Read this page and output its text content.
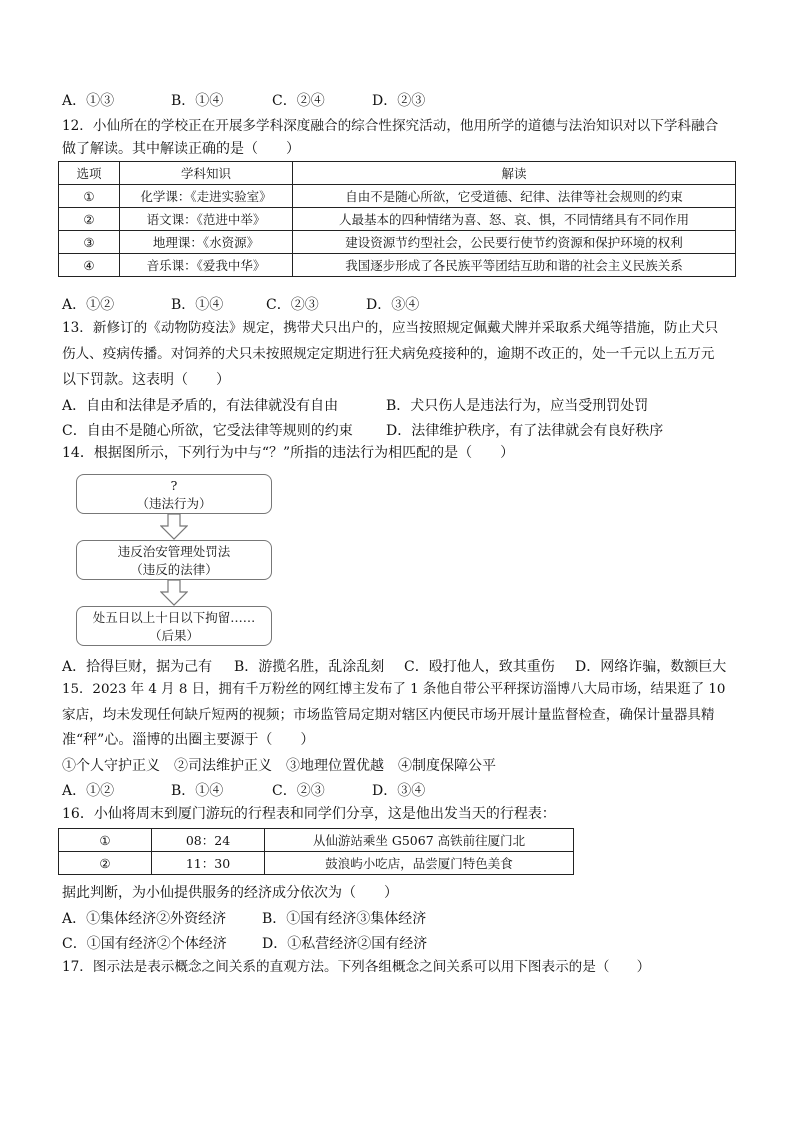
A．①③	B．①④	C．②④	D．②③
12．小仙所在的学校正在开展多学科深度融合的综合性探究活动，他用所学的道德与法治知识对以下学科融合
做了解读。其中解读正确的是（　　）
选项	学科知识	解读
①	化学课：《走进实验室》	自由不是随心所欲，它受道德、纪律、法律等社会规则的约束
②	语文课：《范进中举》	人最基本的四种情绪为喜、怒、哀、惧，不同情绪具有不同作用
③	地理课：《水资源》	建设资源节约型社会，公民要行使节约资源和保护环境的权利
④	音乐课：《爱我中华》	我国逐步形成了各民族平等团结互助和谐的社会主义民族关系
A．①②	B．①④	C．②③	D．③④
13．新修订的《动物防疫法》规定，携带犬只出户的，应当按照规定佩戴犬牌并采取系犬绳等措施，防止犬只
伤人、疫病传播。对饲养的犬只未按照规定定期进行狂犬病免疫接种的，逾期不改正的，处一千元以上五万元
以下罚款。这表明（　　）
A．自由和法律是矛盾的，有法律就没有自由	B．犬只伤人是违法行为，应当受刑罚处罚
C．自由不是随心所欲，它受法律等规则的约束 D．法律维护秩序，有了法律就会有良好秩序
14．根据图所示，下列行为中与“？”所指的违法行为相匹配的是（　　）
?
（违法行为）
违反治安管理处罚法
（违反的法律）
处五日以上十日以下拘留……
（后果）
A．拾得巨财，据为己有 B．游揽名胜，乱涂乱刻 C．殴打他人，致其重伤 D．网络诈骗，数额巨大
15．2023 年 4 月 8 日，拥有千万粉丝的网红博主发布了 1 条他自带公平秤探访淄博八大局市场，结果逛了 10
家店，均未发现任何缺斤短两的视频；市场监管局定期对辖区内便民市场开展计量监督检查，确保计量器具精
准“秤”心。淄博的出圈主要源于（　　）
①个人守护正义　②司法维护正义　③地理位置优越　④制度保障公平
A．①②	B．①④	C．②③	D．③④
16．小仙将周末到厦门游玩的行程表和同学们分享，这是他出发当天的行程表：
①	08：24	从仙游站乘坐 G5067 高铁前往厦门北
②	11：30	鼓浪屿小吃店，品尝厦门特色美食
据此判断，为小仙提供服务的经济成分依次为（　　）
A．①集体经济②外资经济	B．①国有经济③集体经济
C．①国有经济②个体经济	D．①私营经济②国有经济
17．图示法是表示概念之间关系的直观方法。下列各组概念之间关系可以用下图表示的是（　　）
